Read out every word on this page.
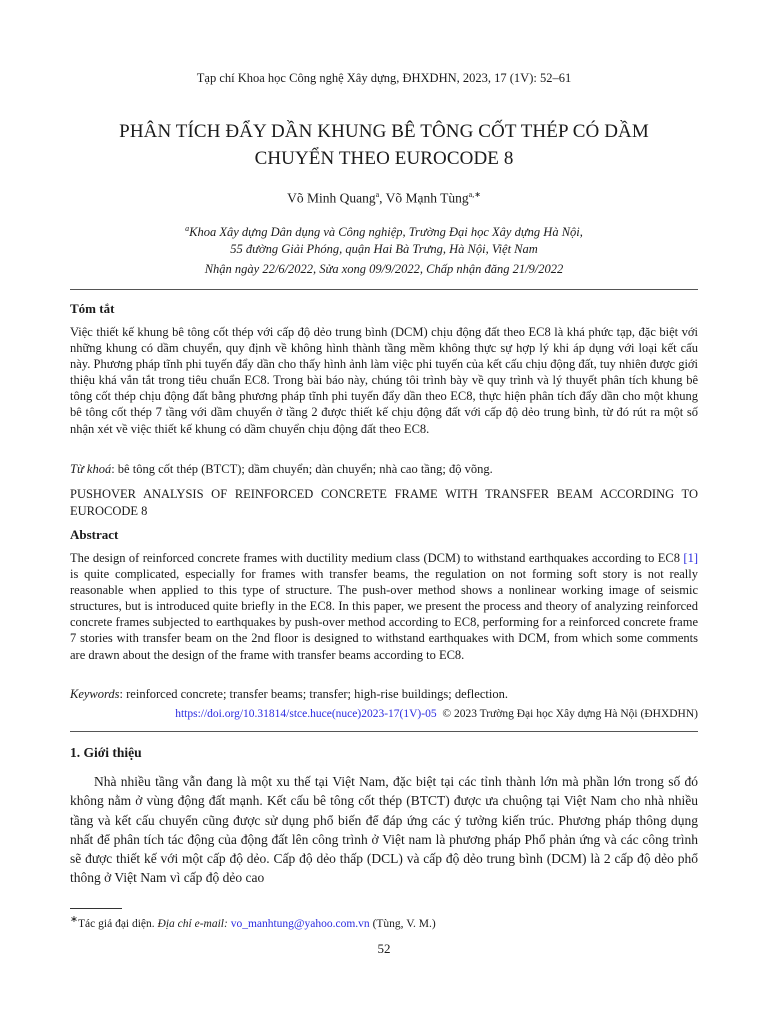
Tạp chí Khoa học Công nghệ Xây dựng, ĐHXDHN, 2023, 17 (1V): 52–61
PHÂN TÍCH ĐẨY DẦN KHUNG BÊ TÔNG CỐT THÉP CÓ DẦM
CHUYỂN THEO EUROCODE 8
Võ Minh Quang$^a$, Võ Mạnh Tùng$^{a,∗}$
$^a$Khoa Xây dựng Dân dụng và Công nghiệp, Trường Đại học Xây dựng Hà Nội,
55 đường Giải Phóng, quận Hai Bà Trưng, Hà Nội, Việt Nam
Nhận ngày 22/6/2022, Sửa xong 09/9/2022, Chấp nhận đăng 21/9/2022
Tóm tắt
Việc thiết kế khung bê tông cốt thép với cấp độ dẻo trung bình (DCM) chịu động đất theo EC8 là khá phức tạp, đặc biệt với những khung có dầm chuyển, quy định về không hình thành tầng mềm không thực sự hợp lý khi áp dụng với loại kết cấu này. Phương pháp tĩnh phi tuyến đẩy dần cho thấy hình ảnh làm việc phi tuyến của kết cấu chịu động đất, tuy nhiên được giới thiệu khá vắn tắt trong tiêu chuẩn EC8. Trong bài báo này, chúng tôi trình bày về quy trình và lý thuyết phân tích khung bê tông cốt thép chịu động đất bằng phương pháp tĩnh phi tuyến đẩy dần theo EC8, thực hiện phân tích đẩy dần cho một khung bê tông cốt thép 7 tầng với dầm chuyển ở tầng 2 được thiết kế chịu động đất với cấp độ dẻo trung bình, từ đó rút ra một số nhận xét về việc thiết kế khung có dầm chuyển chịu động đất theo EC8.
Từ khoá: bê tông cốt thép (BTCT); dầm chuyển; dàn chuyển; nhà cao tầng; độ võng.
PUSHOVER ANALYSIS OF REINFORCED CONCRETE FRAME WITH TRANSFER BEAM ACCORDING TO EUROCODE 8
Abstract
The design of reinforced concrete frames with ductility medium class (DCM) to withstand earthquakes according to EC8 [1] is quite complicated, especially for frames with transfer beams, the regulation on not forming soft story is not really reasonable when applied to this type of structure. The push-over method shows a nonlinear working image of seismic structures, but is introduced quite briefly in the EC8. In this paper, we present the process and theory of analyzing reinforced concrete frames subjected to earthquakes by push-over method according to EC8, performing for a reinforced concrete frame 7 stories with transfer beam on the 2nd floor is designed to withstand earthquakes with DCM, from which some comments are drawn about the design of the frame with transfer beams according to EC8.
Keywords: reinforced concrete; transfer beams; transfer; high-rise buildings; deflection.
https://doi.org/10.31814/stce.huce(nuce)2023-17(1V)-05 © 2023 Trường Đại học Xây dựng Hà Nội (ĐHXDHN)
1. Giới thiệu
Nhà nhiều tầng vẫn đang là một xu thế tại Việt Nam, đặc biệt tại các tỉnh thành lớn mà phần lớn trong số đó không nằm ở vùng động đất mạnh. Kết cấu bê tông cốt thép (BTCT) được ưa chuộng tại Việt Nam cho nhà nhiều tầng và kết cấu chuyển cũng được sử dụng phổ biến để đáp ứng các ý tưởng kiến trúc. Phương pháp thông dụng nhất để phân tích tác động của động đất lên công trình ở Việt nam là phương pháp Phổ phản ứng và các công trình sẽ được thiết kế với một cấp độ dẻo. Cấp độ dẻo thấp (DCL) và cấp độ dẻo trung bình (DCM) là 2 cấp độ dẻo phổ thông ở Việt Nam vì cấp độ dẻo cao
∗Tác giả đại diện. Địa chỉ e-mail: vo_manhtung@yahoo.com.vn (Tùng, V. M.)
52
